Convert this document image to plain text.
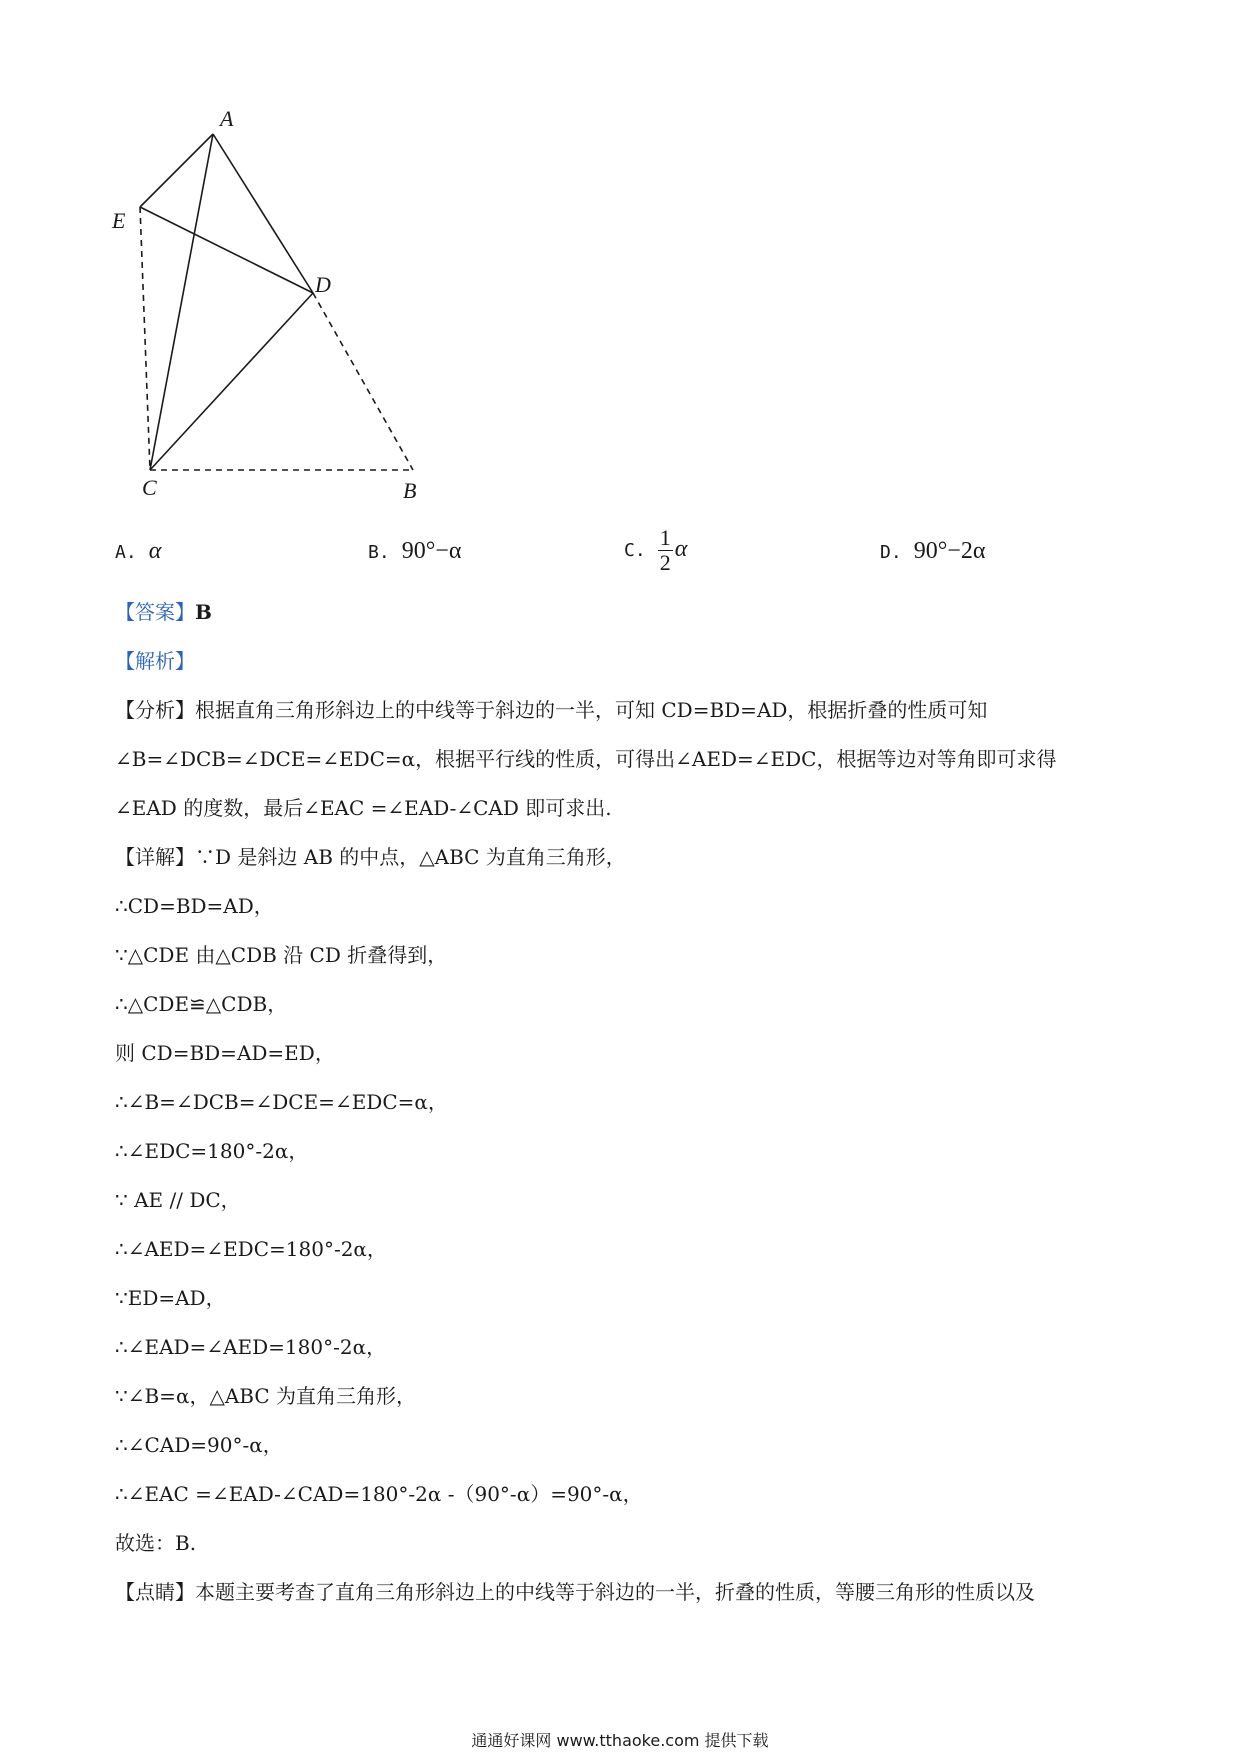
A
E
D
C	B
A. α	B. 90°−α	C. $\frac{1}{2}$ α	D. 90°−2α
【答案】B
【解析】
【分析】根据直角三角形斜边上的中线等于斜边的一半，可知 CD=BD=AD，根据折叠的性质可知
∠B=∠DCB=∠DCE=∠EDC=α，根据平行线的性质，可得出∠AED=∠EDC，根据等边对等角即可求得
∠EAD 的度数，最后∠EAC =∠EAD-∠CAD 即可求出.
【详解】∵D 是斜边 AB 的中点，△ABC 为直角三角形，
∴CD=BD=AD，
∵△CDE 由△CDB 沿 CD 折叠得到，
∴△CDE≌△CDB，
则 CD=BD=AD=ED，
∴∠B=∠DCB=∠DCE=∠EDC=α，
∴∠EDC=180°-2α，
∵ AE // DC，
∴∠AED=∠EDC=180°-2α，
∵ED=AD，
∴∠EAD=∠AED=180°-2α，
∵∠B=α，△ABC 为直角三角形，
∴∠CAD=90°-α，
∴∠EAC =∠EAD-∠CAD=180°-2α -（90°-α）=90°-α，
故选：B.
【点睛】本题主要考查了直角三角形斜边上的中线等于斜边的一半，折叠的性质，等腰三角形的性质以及
通通好课网 www.tthaoke.com 提供下载
